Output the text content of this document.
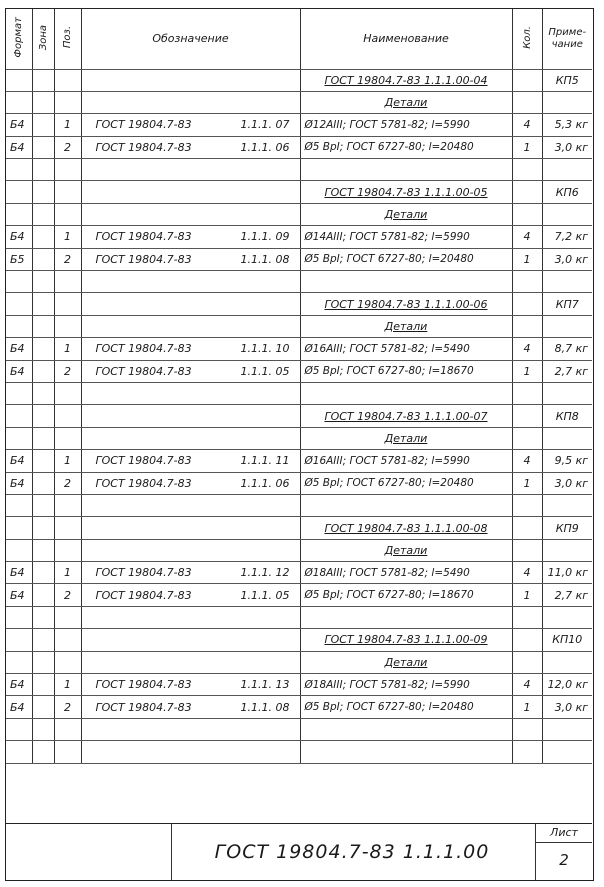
Формат	Зона	Поз.	Обозначение	Наименование	Кол.	Приме-чание
				ГОСТ 19804.7-83 1.1.1.00-04		КП5
				Детали		
Б4		1	ГОСТ 19804.7-83 1.1.1. 07	Ø12АIII; ГОСТ 5781-82; l=5990	4	5,3 кг
Б4		2	ГОСТ 19804.7-83 1.1.1. 06	Ø5 ВрI; ГОСТ 6727-80; l=20480	1	3,0 кг

				ГОСТ 19804.7-83 1.1.1.00-05		КП6
				Детали		
Б4		1	ГОСТ 19804.7-83 1.1.1. 09	Ø14АIII; ГОСТ 5781-82; l=5990	4	7,2 кг
Б5		2	ГОСТ 19804.7-83 1.1.1. 08	Ø5 ВрI; ГОСТ 6727-80; l=20480	1	3,0 кг

				ГОСТ 19804.7-83 1.1.1.00-06		КП7
				Детали		
Б4		1	ГОСТ 19804.7-83 1.1.1. 10	Ø16АIII; ГОСТ 5781-82; l=5490	4	8,7 кг
Б4		2	ГОСТ 19804.7-83 1.1.1. 05	Ø5 ВрI; ГОСТ 6727-80; l=18670	1	2,7 кг

				ГОСТ 19804.7-83 1.1.1.00-07		КП8
				Детали		
Б4		1	ГОСТ 19804.7-83 1.1.1. 11	Ø16АIII; ГОСТ 5781-82; l=5990	4	9,5 кг
Б4		2	ГОСТ 19804.7-83 1.1.1. 06	Ø5 ВрI; ГОСТ 6727-80; l=20480	1	3,0 кг

				ГОСТ 19804.7-83 1.1.1.00-08		КП9
				Детали		
Б4		1	ГОСТ 19804.7-83 1.1.1. 12	Ø18АIII; ГОСТ 5781-82; l=5490	4	11,0 кг
Б4		2	ГОСТ 19804.7-83 1.1.1. 05	Ø5 ВрI; ГОСТ 6727-80; l=18670	1	2,7 кг

				ГОСТ 19804.7-83 1.1.1.00-09		КП10
				Детали		
Б4		1	ГОСТ 19804.7-83 1.1.1. 13	Ø18АIII; ГОСТ 5781-82; l=5990	4	12,0 кг
Б4		2	ГОСТ 19804.7-83 1.1.1. 08	Ø5 ВрI; ГОСТ 6727-80; l=20480	1	3,0 кг

ГОСТ 19804.7-83 1.1.1.00
Лист
2
